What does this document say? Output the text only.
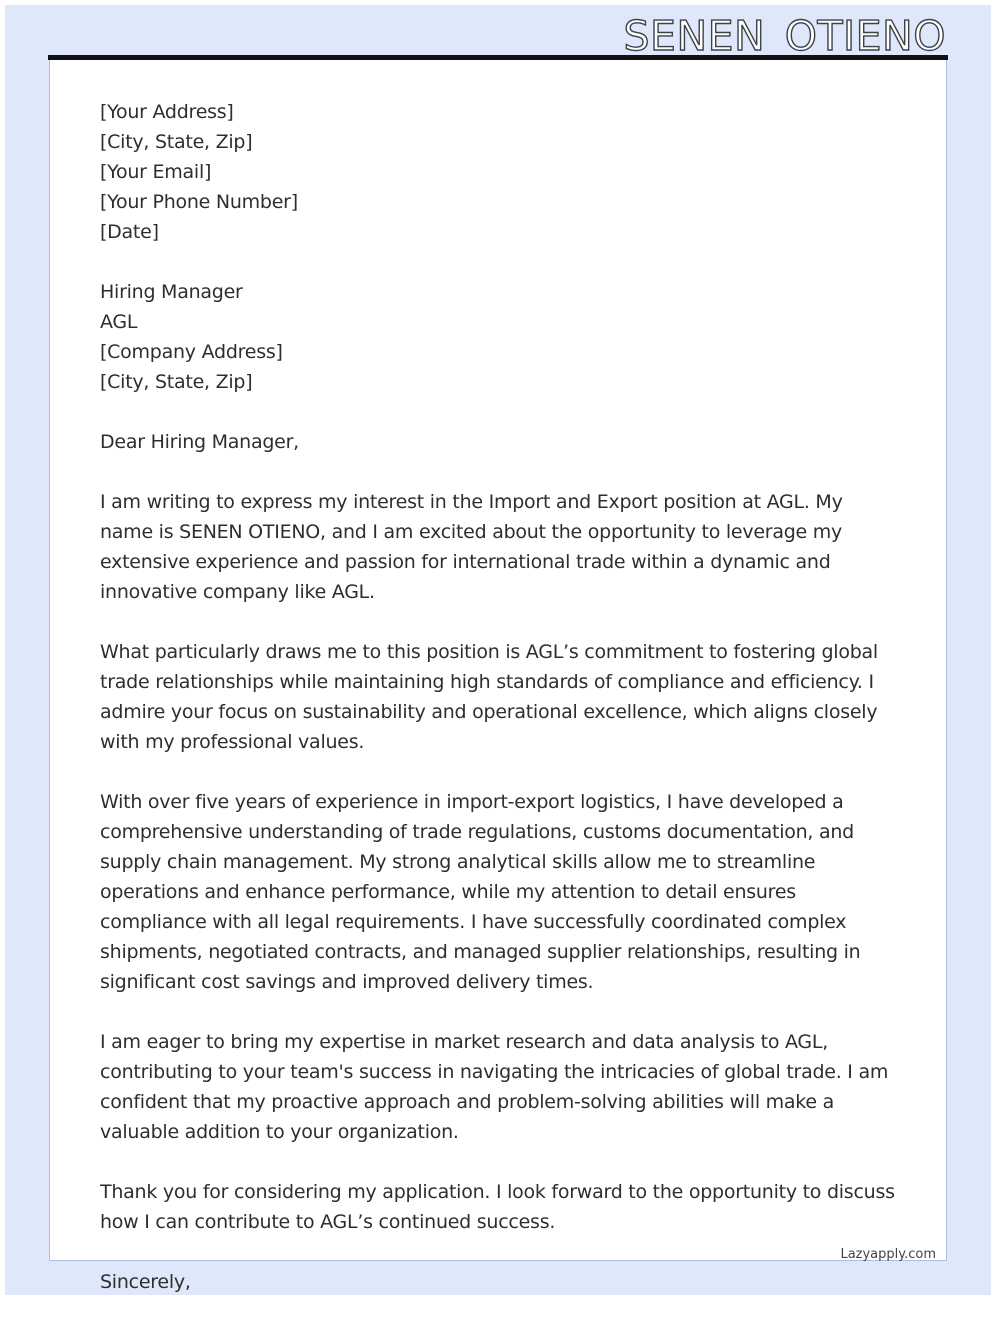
SENEN OTIENO
[Your Address]
[City, State, Zip]
[Your Email]
[Your Phone Number]
[Date]
Hiring Manager
AGL
[Company Address]
[City, State, Zip]

Dear Hiring Manager,

I am writing to express my interest in the Import and Export position at AGL. My name is SENEN OTIENO, and I am excited about the opportunity to leverage my extensive experience and passion for international trade within a dynamic and innovative company like AGL.

What particularly draws me to this position is AGL’s commitment to fostering global trade relationships while maintaining high standards of compliance and efficiency. I admire your focus on sustainability and operational excellence, which aligns closely with my professional values.

With over five years of experience in import-export logistics, I have developed a comprehensive understanding of trade regulations, customs documentation, and supply chain management. My strong analytical skills allow me to streamline operations and enhance performance, while my attention to detail ensures compliance with all legal requirements. I have successfully coordinated complex shipments, negotiated contracts, and managed supplier relationships, resulting in significant cost savings and improved delivery times.

I am eager to bring my expertise in market research and data analysis to AGL, contributing to your team's success in navigating the intricacies of global trade. I am confident that my proactive approach and problem-solving abilities will make a valuable addition to your organization.

Thank you for considering my application. I look forward to the opportunity to discuss how I can contribute to AGL’s continued success.

Sincerely,

Lazyapply.com
